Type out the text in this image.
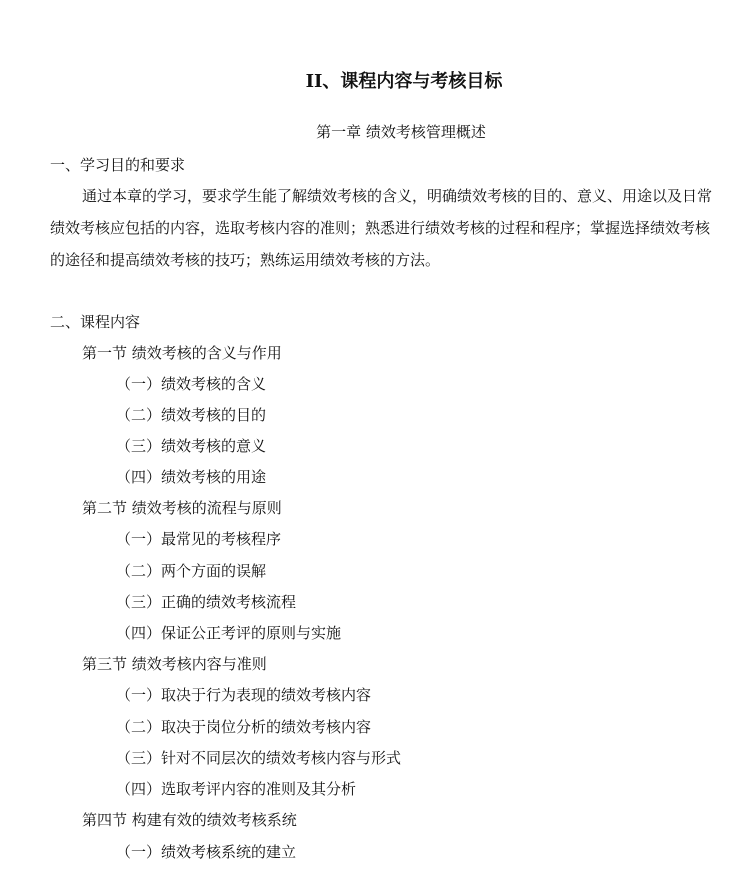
II、课程内容与考核目标
第一章 绩效考核管理概述
一、学习目的和要求
通过本章的学习，要求学生能了解绩效考核的含义，明确绩效考核的目的、意义、用途以及日常
绩效考核应包括的内容，选取考核内容的准则；熟悉进行绩效考核的过程和程序；掌握选择绩效考核
的途径和提高绩效考核的技巧；熟练运用绩效考核的方法。
二、课程内容
第一节 绩效考核的含义与作用
（一）绩效考核的含义
（二）绩效考核的目的
（三）绩效考核的意义
（四）绩效考核的用途
第二节 绩效考核的流程与原则
（一）最常见的考核程序
（二）两个方面的误解
（三）正确的绩效考核流程
（四）保证公正考评的原则与实施
第三节 绩效考核内容与准则
（一）取决于行为表现的绩效考核内容
（二）取决于岗位分析的绩效考核内容
（三）针对不同层次的绩效考核内容与形式
（四）选取考评内容的准则及其分析
第四节 构建有效的绩效考核系统
（一）绩效考核系统的建立
